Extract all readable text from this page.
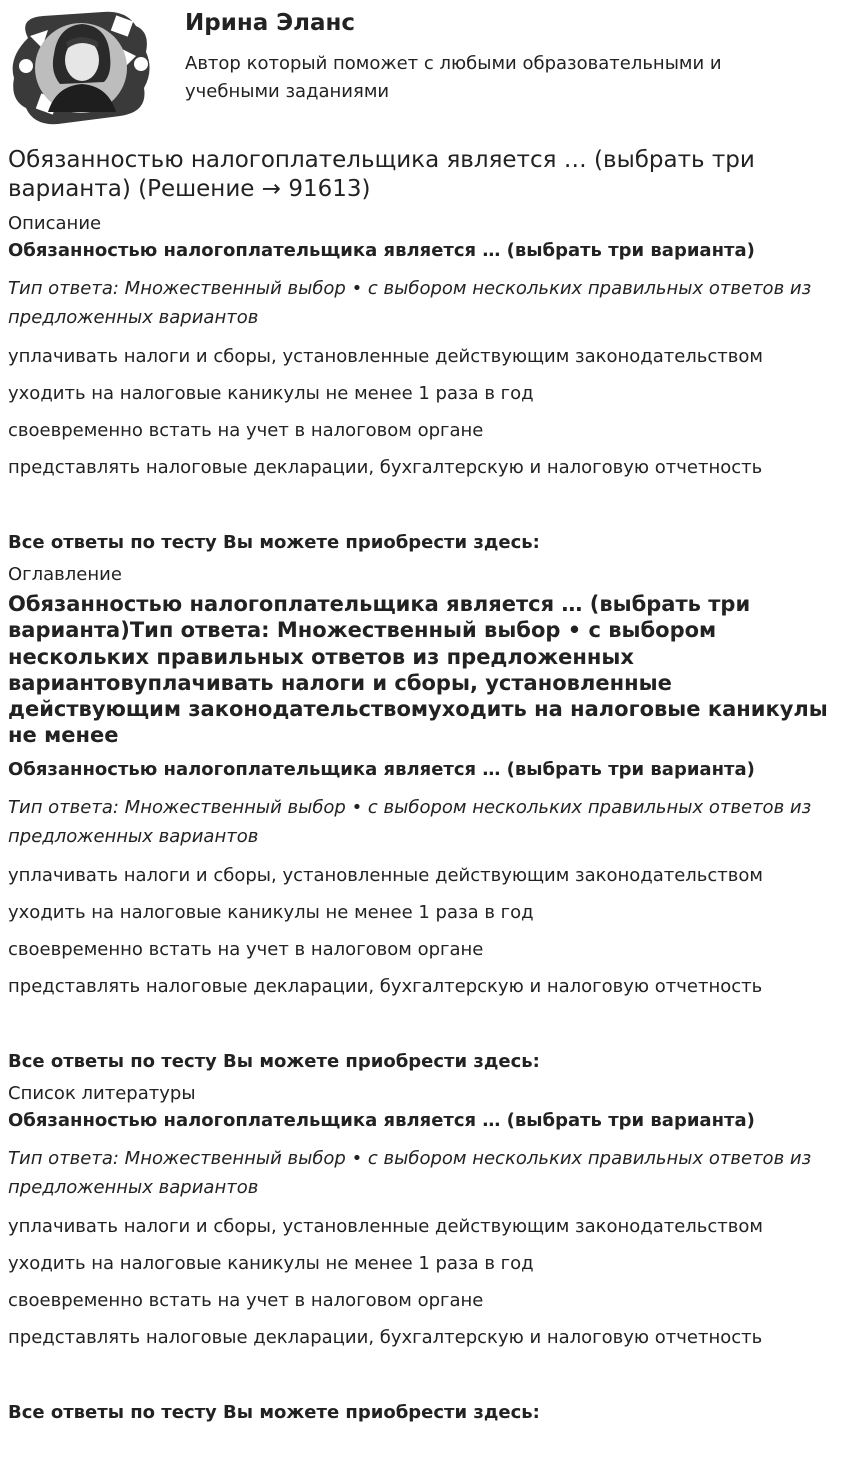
Ирина Эланс
Автор который поможет с любыми образовательными и учебными заданиями
Обязанностью налогоплательщика является … (выбрать три варианта) (Решение → 91613)
Описание
Обязанностью налогоплательщика является … (выбрать три варианта)
Тип ответа: Множественный выбор • с выбором нескольких правильных ответов из предложенных вариантов
уплачивать налоги и сборы, установленные действующим законодательством
уходить на налоговые каникулы не менее 1 раза в год
своевременно встать на учет в налоговом органе
представлять налоговые декларации, бухгалтерскую и налоговую отчетность
Все ответы по тесту Вы можете приобрести здесь:
Оглавление
Обязанностью налогоплательщика является … (выбрать три варианта)Тип ответа: Множественный выбор • с выбором нескольких правильных ответов из предложенных вариантовуплачивать налоги и сборы, установленные действующим законодательствомуходить на налоговые каникулы не менее
Обязанностью налогоплательщика является … (выбрать три варианта)
Тип ответа: Множественный выбор • с выбором нескольких правильных ответов из предложенных вариантов
уплачивать налоги и сборы, установленные действующим законодательством
уходить на налоговые каникулы не менее 1 раза в год
своевременно встать на учет в налоговом органе
представлять налоговые декларации, бухгалтерскую и налоговую отчетность
Все ответы по тесту Вы можете приобрести здесь:
Список литературы
Обязанностью налогоплательщика является … (выбрать три варианта)
Тип ответа: Множественный выбор • с выбором нескольких правильных ответов из предложенных вариантов
уплачивать налоги и сборы, установленные действующим законодательством
уходить на налоговые каникулы не менее 1 раза в год
своевременно встать на учет в налоговом органе
представлять налоговые декларации, бухгалтерскую и налоговую отчетность
Все ответы по тесту Вы можете приобрести здесь:
